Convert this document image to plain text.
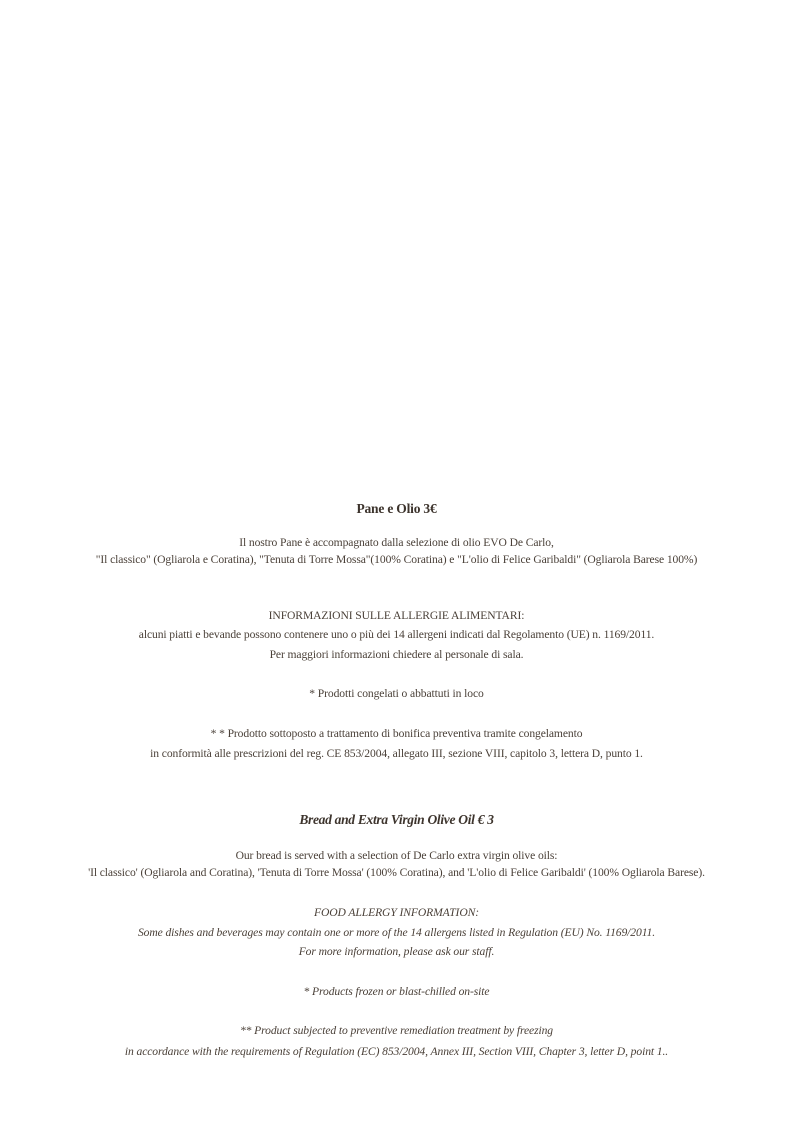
Pane e Olio 3€
Il nostro Pane è accompagnato dalla selezione di olio EVO De Carlo,
"Il classico" (Ogliarola e Coratina), "Tenuta di Torre Mossa"(100% Coratina) e "L'olio di Felice Garibaldi" (Ogliarola Barese 100%)
INFORMAZIONI SULLE ALLERGIE ALIMENTARI:
alcuni piatti e bevande possono contenere uno o più dei 14 allergeni indicati dal Regolamento (UE) n. 1169/2011.
Per maggiori informazioni chiedere al personale di sala.
* Prodotti congelati o abbattuti in loco
* * Prodotto sottoposto a trattamento di bonifica preventiva tramite congelamento
in conformità alle prescrizioni del reg. CE 853/2004, allegato III, sezione VIII, capitolo 3, lettera D, punto 1.
Bread and Extra Virgin Olive Oil € 3
Our bread is served with a selection of De Carlo extra virgin olive oils:
'Il classico' (Ogliarola and Coratina), 'Tenuta di Torre Mossa' (100% Coratina), and 'L'olio di Felice Garibaldi' (100% Ogliarola Barese).
FOOD ALLERGY INFORMATION:
Some dishes and beverages may contain one or more of the 14 allergens listed in Regulation (EU) No. 1169/2011.
For more information, please ask our staff.
* Products frozen or blast-chilled on-site
** Product subjected to preventive remediation treatment by freezing
in accordance with the requirements of Regulation (EC) 853/2004, Annex III, Section VIII, Chapter 3, letter D, point 1..
